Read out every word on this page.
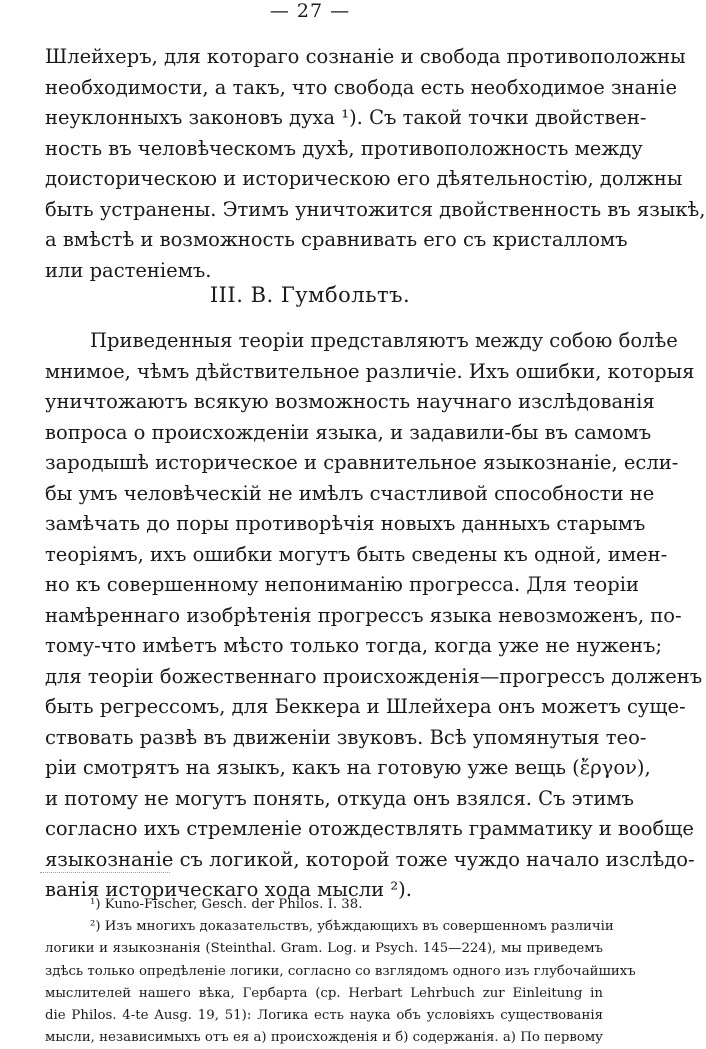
— 27 —
Шлейхеръ, для котораго сознаніе и свобода противоположны
необходимости, а такъ, что свобода есть необходимое знаніе
неуклонныхъ законовъ духа ¹). Съ такой точки двойствен-
ность въ человѣческомъ духѣ, противоположность между
доисторическою и историческою его дѣятельностію, должны
быть устранены. Этимъ уничтожится двойственность въ языкѣ,
а вмѣстѣ и возможность сравнивать его съ кристалломъ
или растеніемъ.
III. В. Гумбольтъ.
Приведенныя теоріи представляютъ между собою болѣе
мнимое, чѣмъ дѣйствительное различіе. Ихъ ошибки, которыя
уничтожаютъ всякую возможность научнаго изслѣдованія
вопроса о происхожденіи языка, и задавили-бы въ самомъ
зародышѣ историческое и сравнительное языкознаніе, если-
бы умъ человѣческій не имѣлъ счастливой способности не
замѣчать до поры противорѣчія новыхъ данныхъ старымъ
теоріямъ, ихъ ошибки могутъ быть сведены къ одной, имен-
но къ совершенному непониманію прогресса. Для теоріи
намѣреннаго изобрѣтенія прогрессъ языка невозможенъ, по-
тому-что имѣетъ мѣсто только тогда, когда уже не нуженъ;
для теоріи божественнаго происхожденія—прогрессъ долженъ
быть регрессомъ, для Беккера и Шлейхера онъ можетъ суще-
ствовать развѣ въ движеніи звуковъ. Всѣ упомянутыя тео-
ріи смотрятъ на языкъ, какъ на готовую уже вещь (ἔργον),
и потому не могутъ понять, откуда онъ взялся. Съ этимъ
согласно ихъ стремленіе отождествлять грамматику и вообще
языкознаніе съ логикой, которой тоже чуждо начало изслѣдо-
ванія историческаго хода мысли ²).
¹) Kuno-Fischer, Gesch. der Philos. I. 38.
²) Изъ многихъ доказательствъ, убѣждающихъ въ совершенномъ различіи
логики и языкознанія (Steinthal. Gram. Log. и Psych. 145—224), мы приведемъ
здѣсь только опредѣленіе логики, согласно со взглядомъ одного изъ глубочайшихъ
мыслителей нашего вѣка, Гербарта (ср. Herbart Lehrbuch zur Einleitung in
die Philos. 4-te Ausg. 19, 51): Логика есть наука объ условіяхъ существованія
мысли, независимыхъ отъ ея а) происхожденія и б) содержанія. а) По первому
